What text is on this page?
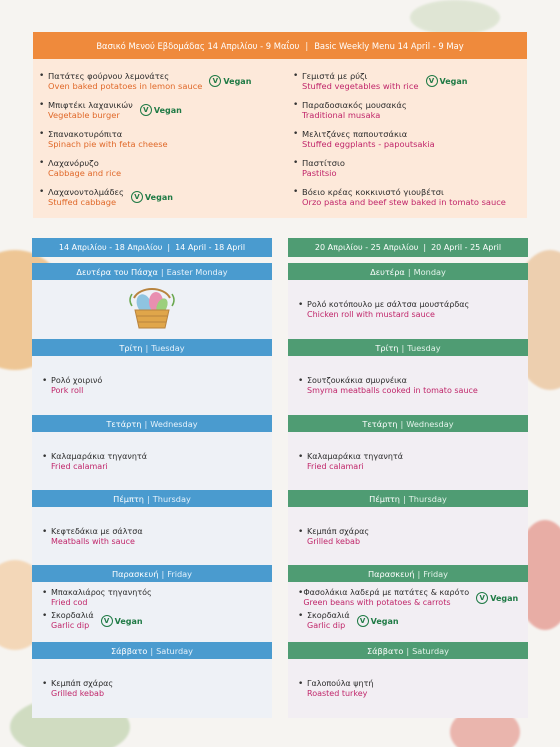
Βασικό Μενού Εβδομάδας 14 Απριλίου - 9 Μαΐου | Basic Weekly Menu 14 April - 9 May
• Πατάτες φούρνου λεμονάτες
Oven baked potatoes in lemon sauce	V Vegan
• Μπιφτέκι λαχανικών
Vegetable burger	V Vegan
• Σπανακοτυρόπιτα
Spinach pie with feta cheese
• Λαχανόρυζο
Cabbage and rice
• Λαχανοντολμάδες
Stuffed cabbage	V Vegan
• Γεμιστά με ρύζι
Stuffed vegetables with rice	V Vegan
• Παραδοσιακός μουσακάς
Traditional musaka
• Μελιτζάνες παπουτσάκια
Stuffed eggplants - papoutsakia
• Παστίτσιο
Pastitsio
• Βόειο κρέας κοκκινιστό γιουβέτσι
Orzo pasta and beef stew baked in tomato sauce
14 Απριλίου - 18 Απριλίου | 14 April - 18 April
Δευτέρα του Πάσχα | Easter Monday
Τρίτη | Tuesday
• Ρολό χοιρινό
Pork roll
Τετάρτη | Wednesday
• Καλαμαράκια τηγανητά
Fried calamari
Πέμπτη | Thursday
• Κεφτεδάκια με σάλτσα
Meatballs with sauce
Παρασκευή | Friday
• Μπακαλιάρος τηγανητός
Fried cod
• Σκορδαλιά
Garlic dip	V Vegan
Σάββατο | Saturday
• Κεμπάπ σχάρας
Grilled kebab
20 Απριλίου - 25 Απριλίου | 20 April - 25 April
Δευτέρα | Monday
• Ρολό κοτόπουλο με σάλτσα μουστάρδας
Chicken roll with mustard sauce
Τρίτη | Tuesday
• Σουτζουκάκια σμυρνέικα
Smyrna meatballs cooked in tomato sauce
Τετάρτη | Wednesday
• Καλαμαράκια τηγανητά
Fried calamari
Πέμπτη | Thursday
• Κεμπάπ σχάρας
Grilled kebab
Παρασκευή | Friday
• Φασολάκια λαδερά με πατάτες & καρότο
Green beans with potatoes & carrots	V Vegan
• Σκορδαλιά
Garlic dip	V Vegan
Σάββατο | Saturday
• Γαλοπούλα ψητή
Roasted turkey
